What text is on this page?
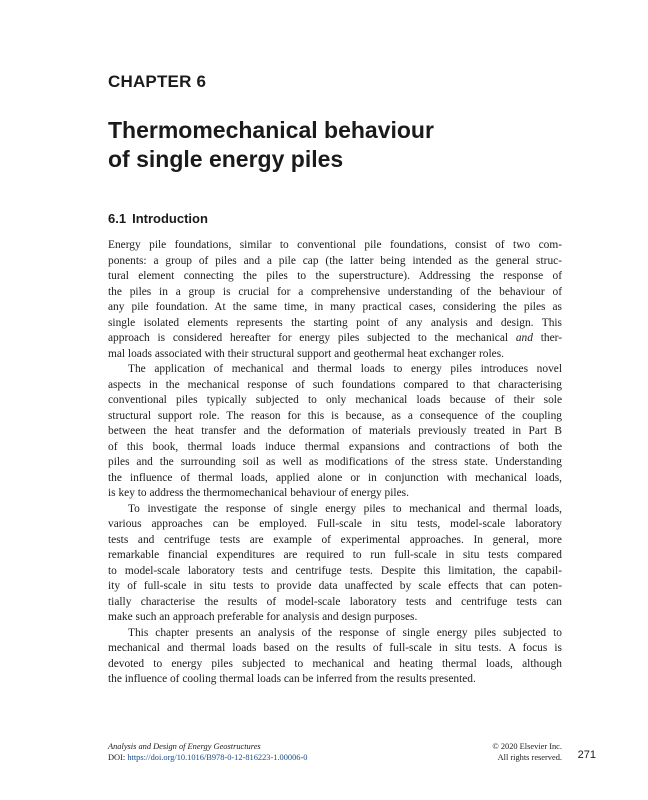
CHAPTER 6
Thermomechanical behaviour
of single energy piles
6.1 Introduction
Energy pile foundations, similar to conventional pile foundations, consist of two com-
ponents: a group of piles and a pile cap (the latter being intended as the general struc-
tural element connecting the piles to the superstructure). Addressing the response of
the piles in a group is crucial for a comprehensive understanding of the behaviour of
any pile foundation. At the same time, in many practical cases, considering the piles as
single isolated elements represents the starting point of any analysis and design. This
approach is considered hereafter for energy piles subjected to the mechanical and ther-
mal loads associated with their structural support and geothermal heat exchanger roles.
The application of mechanical and thermal loads to energy piles introduces novel
aspects in the mechanical response of such foundations compared to that characterising
conventional piles typically subjected to only mechanical loads because of their sole
structural support role. The reason for this is because, as a consequence of the coupling
between the heat transfer and the deformation of materials previously treated in Part B
of this book, thermal loads induce thermal expansions and contractions of both the
piles and the surrounding soil as well as modifications of the stress state. Understanding
the influence of thermal loads, applied alone or in conjunction with mechanical loads,
is key to address the thermomechanical behaviour of energy piles.
To investigate the response of single energy piles to mechanical and thermal loads,
various approaches can be employed. Full-scale in situ tests, model-scale laboratory
tests and centrifuge tests are example of experimental approaches. In general, more
remarkable financial expenditures are required to run full-scale in situ tests compared
to model-scale laboratory tests and centrifuge tests. Despite this limitation, the capabil-
ity of full-scale in situ tests to provide data unaffected by scale effects that can poten-
tially characterise the results of model-scale laboratory tests and centrifuge tests can
make such an approach preferable for analysis and design purposes.
This chapter presents an analysis of the response of single energy piles subjected to
mechanical and thermal loads based on the results of full-scale in situ tests. A focus is
devoted to energy piles subjected to mechanical and heating thermal loads, although
the influence of cooling thermal loads can be inferred from the results presented.
Analysis and Design of Energy Geostructures
DOI: https://doi.org/10.1016/B978-0-12-816223-1.00006-0
© 2020 Elsevier Inc.
All rights reserved. 271
